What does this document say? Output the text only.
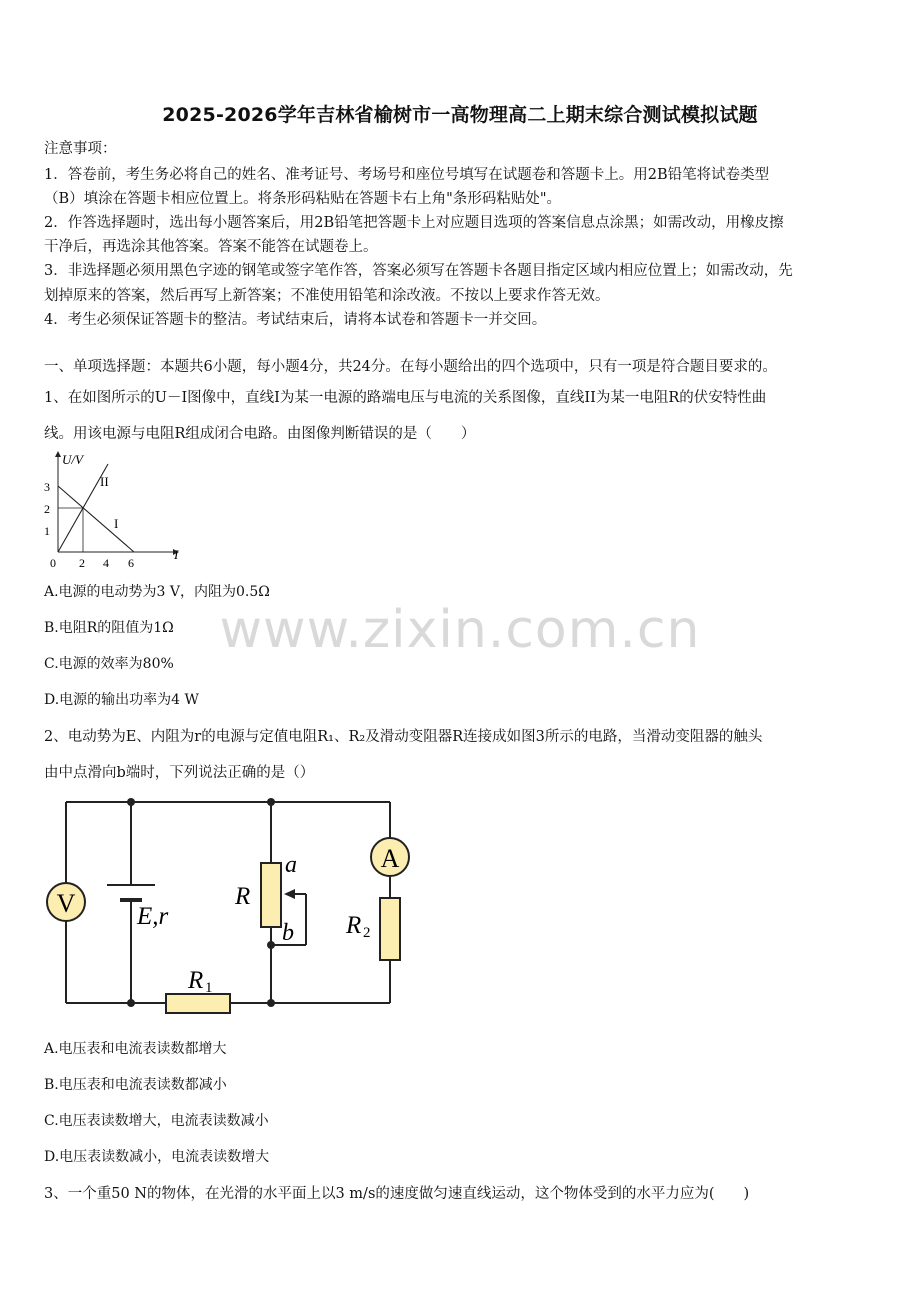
2025-2026学年吉林省榆树市一高物理高二上期末综合测试模拟试题
注意事项：
1．答卷前，考生务必将自己的姓名、准考证号、考场号和座位号填写在试题卷和答题卡上。用2B铅笔将试卷类型
（B）填涂在答题卡相应位置上。将条形码粘贴在答题卡右上角"条形码粘贴处"。
2．作答选择题时，选出每小题答案后，用2B铅笔把答题卡上对应题目选项的答案信息点涂黑；如需改动，用橡皮擦
干净后，再选涂其他答案。答案不能答在试题卷上。
3．非选择题必须用黑色字迹的钢笔或签字笔作答，答案必须写在答题卡各题目指定区域内相应位置上；如需改动，先
划掉原来的答案，然后再写上新答案；不准使用铅笔和涂改液。不按以上要求作答无效。
4．考生必须保证答题卡的整洁。考试结束后，请将本试卷和答题卡一并交回。
一、单项选择题：本题共6小题，每小题4分，共24分。在每小题给出的四个选项中，只有一项是符合题目要求的。
1、在如图所示的U－I图像中，直线I为某一电源的路端电压与电流的关系图像，直线II为某一电阻R的伏安特性曲
线。用该电源与电阻R组成闭合电路。由图像判断错误的是（　　）
U/V
I
3
2
1
0 2 4 6
II
I
A.电源的电动势为3 V，内阻为0.5Ω
B.电阻R的阻值为1Ω
C.电源的效率为80%
D.电源的输出功率为4 W
www.zixin.com.cn
2、电动势为E、内阻为r的电源与定值电阻R₁、R₂及滑动变阻器R连接成如图3所示的电路，当滑动变阻器的触头
由中点滑向b端时，下列说法正确的是（）
V
A
E,r
R
a
b
R 1
R 2
A.电压表和电流表读数都增大
B.电压表和电流表读数都减小
C.电压表读数增大，电流表读数减小
D.电压表读数减小，电流表读数增大
3、一个重50 N的物体，在光滑的水平面上以3 m/s的速度做匀速直线运动，这个物体受到的水平力应为(　　)
